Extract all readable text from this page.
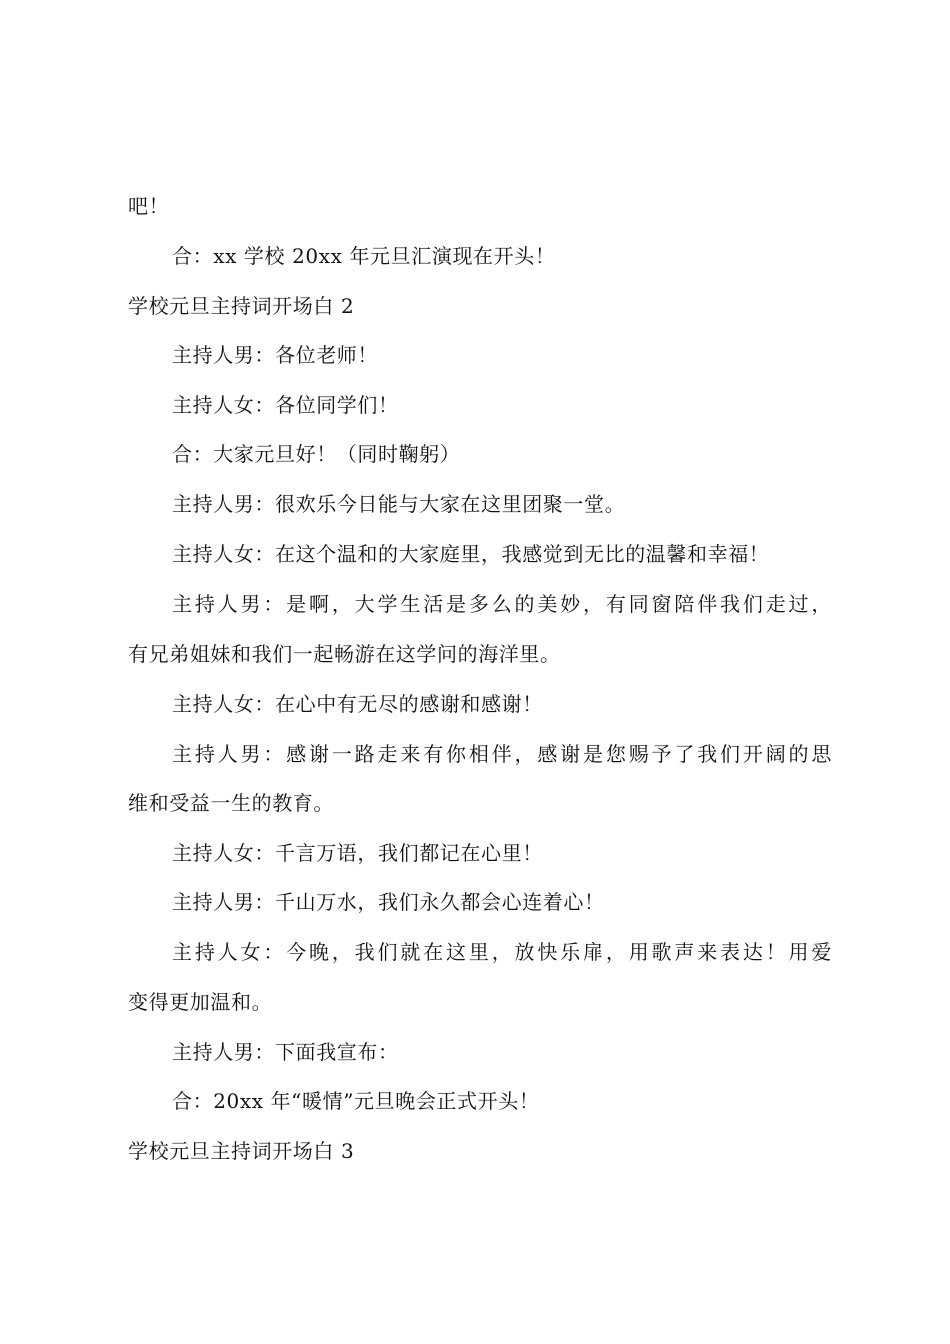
吧！
合：xx 学校 20xx 年元旦汇演现在开头！
学校元旦主持词开场白 2
主持人男：各位老师！
主持人女：各位同学们！
合：大家元旦好！（同时鞠躬）
主持人男：很欢乐今日能与大家在这里团聚一堂。
主持人女：在这个温和的大家庭里，我感觉到无比的温馨和幸福！
主持人男：是啊，大学生活是多么的美妙，有同窗陪伴我们走过，
有兄弟姐妹和我们一起畅游在这学问的海洋里。
主持人女：在心中有无尽的感谢和感谢！
主持人男：感谢一路走来有你相伴，感谢是您赐予了我们开阔的思
维和受益一生的教育。
主持人女：千言万语，我们都记在心里！
主持人男：千山万水，我们永久都会心连着心！
主持人女：今晚，我们就在这里，放快乐扉，用歌声来表达！用爱
变得更加温和。
主持人男：下面我宣布：
合：20xx 年“暖情”元旦晚会正式开头！
学校元旦主持词开场白 3
